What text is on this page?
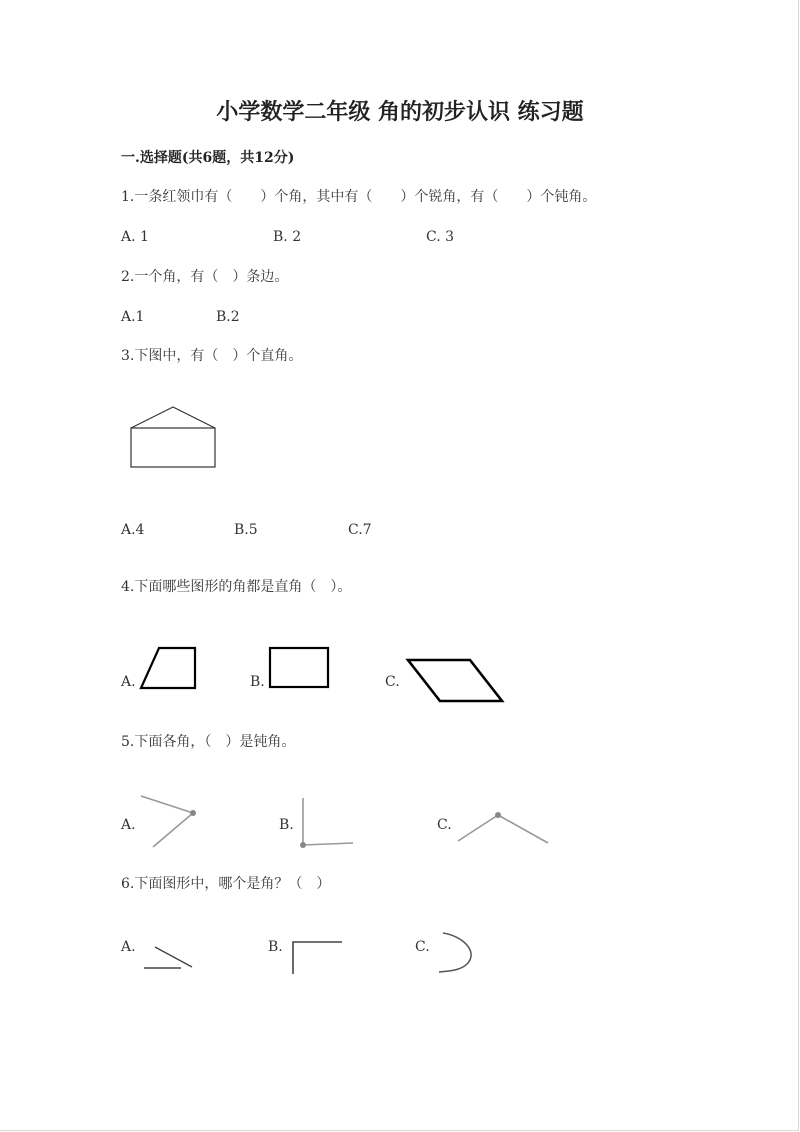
小学数学二年级 角的初步认识 练习题
一.选择题(共6题，共12分)
1.一条红领巾有（　　）个角，其中有（　　）个锐角，有（　　）个钝角。
A. 1	B. 2	C. 3
2.一个角，有（　）条边。
A.1	B.2
3.下图中，有（　）个直角。
A.4	B.5	C.7
4.下面哪些图形的角都是直角（　）。
A.	B.	C.
5.下面各角，（　）是钝角。
A.	B.	C.
6.下面图形中，哪个是角？（　）
A.	B.	C.
